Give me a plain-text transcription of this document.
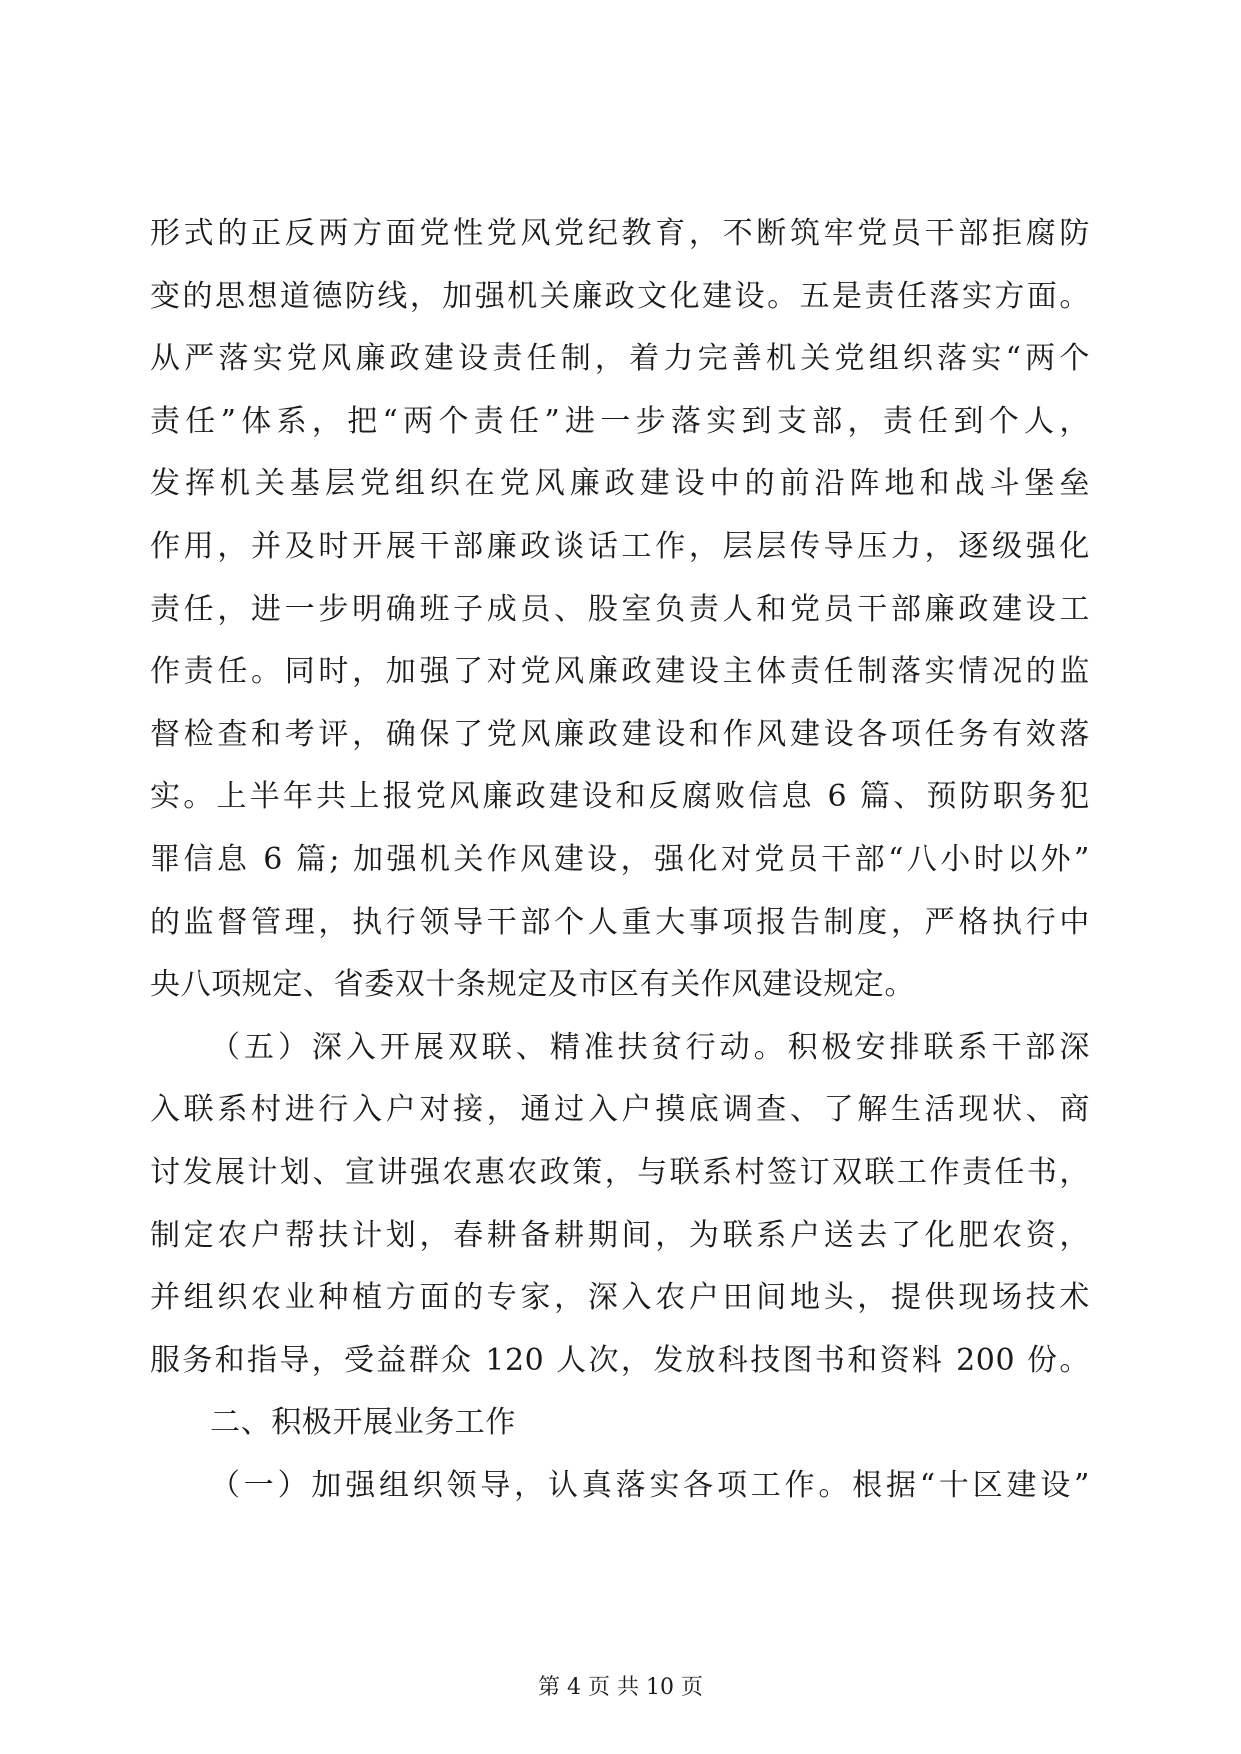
形式的正反两方面党性党风党纪教育，不断筑牢党员干部拒腐防
变的思想道德防线，加强机关廉政文化建设。五是责任落实方面。
从严落实党风廉政建设责任制，着力完善机关党组织落实“两个
责任”体系，把“两个责任”进一步落实到支部，责任到个人，
发挥机关基层党组织在党风廉政建设中的前沿阵地和战斗堡垒
作用，并及时开展干部廉政谈话工作，层层传导压力，逐级强化
责任，进一步明确班子成员、股室负责人和党员干部廉政建设工
作责任。同时，加强了对党风廉政建设主体责任制落实情况的监
督检查和考评，确保了党风廉政建设和作风建设各项任务有效落
实。上半年共上报党风廉政建设和反腐败信息 6 篇、预防职务犯
罪信息 6 篇; 加强机关作风建设，强化对党员干部“八小时以外”
的监督管理，执行领导干部个人重大事项报告制度，严格执行中
央八项规定、省委双十条规定及市区有关作风建设规定。
（五）深入开展双联、精准扶贫行动。积极安排联系干部深
入联系村进行入户对接，通过入户摸底调查、了解生活现状、商
讨发展计划、宣讲强农惠农政策，与联系村签订双联工作责任书，
制定农户帮扶计划，春耕备耕期间，为联系户送去了化肥农资，
并组织农业种植方面的专家，深入农户田间地头，提供现场技术
服务和指导，受益群众 120 人次，发放科技图书和资料 200 份。
二、积极开展业务工作
（一）加强组织领导，认真落实各项工作。根据“十区建设”
第 4 页 共 10 页
